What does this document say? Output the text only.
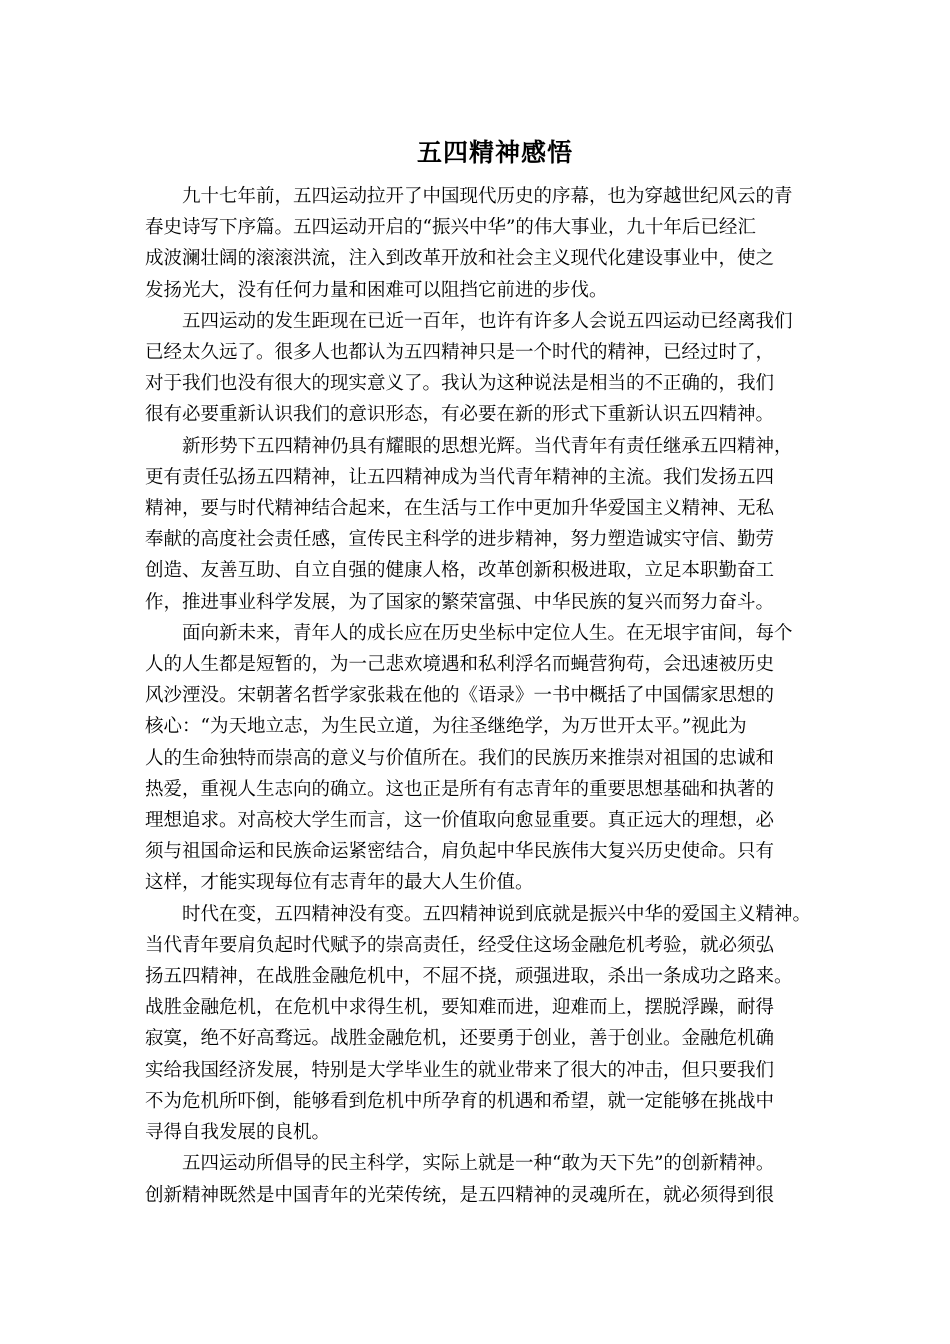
五四精神感悟

　　九十七年前，五四运动拉开了中国现代历史的序幕，也为穿越世纪风云的青
春史诗写下序篇。五四运动开启的“振兴中华”的伟大事业，九十年后已经汇
成波澜壮阔的滚滚洪流，注入到改革开放和社会主义现代化建设事业中，使之
发扬光大，没有任何力量和困难可以阻挡它前进的步伐。

　　五四运动的发生距现在已近一百年，也许有许多人会说五四运动已经离我们
已经太久远了。很多人也都认为五四精神只是一个时代的精神，已经过时了，
对于我们也没有很大的现实意义了。我认为这种说法是相当的不正确的，我们
很有必要重新认识我们的意识形态，有必要在新的形式下重新认识五四精神。

　　新形势下五四精神仍具有耀眼的思想光辉。当代青年有责任继承五四精神，
更有责任弘扬五四精神，让五四精神成为当代青年精神的主流。我们发扬五四
精神，要与时代精神结合起来，在生活与工作中更加升华爱国主义精神、无私
奉献的高度社会责任感，宣传民主科学的进步精神，努力塑造诚实守信、勤劳
创造、友善互助、自立自强的健康人格，改革创新积极进取，立足本职勤奋工
作，推进事业科学发展，为了国家的繁荣富强、中华民族的复兴而努力奋斗。

　　面向新未来，青年人的成长应在历史坐标中定位人生。在无垠宇宙间，每个
人的人生都是短暂的，为一己悲欢境遇和私利浮名而蝇营狗苟，会迅速被历史
风沙湮没。宋朝著名哲学家张栽在他的《语录》一书中概括了中国儒家思想的
核心：“为天地立志，为生民立道，为往圣继绝学，为万世开太平。”视此为
人的生命独特而崇高的意义与价值所在。我们的民族历来推崇对祖国的忠诚和
热爱，重视人生志向的确立。这也正是所有有志青年的重要思想基础和执著的
理想追求。对高校大学生而言，这一价值取向愈显重要。真正远大的理想，必
须与祖国命运和民族命运紧密结合，肩负起中华民族伟大复兴历史使命。只有
这样，才能实现每位有志青年的最大人生价值。

　　时代在变，五四精神没有变。五四精神说到底就是振兴中华的爱国主义精神。
当代青年要肩负起时代赋予的崇高责任，经受住这场金融危机考验，就必须弘
扬五四精神，在战胜金融危机中，不屈不挠，顽强进取，杀出一条成功之路来。
战胜金融危机，在危机中求得生机，要知难而进，迎难而上，摆脱浮躁，耐得
寂寞，绝不好高骛远。战胜金融危机，还要勇于创业，善于创业。金融危机确
实给我国经济发展，特别是大学毕业生的就业带来了很大的冲击，但只要我们
不为危机所吓倒，能够看到危机中所孕育的机遇和希望，就一定能够在挑战中
寻得自我发展的良机。

　　五四运动所倡导的民主科学，实际上就是一种“敢为天下先”的创新精神。
创新精神既然是中国青年的光荣传统，是五四精神的灵魂所在，就必须得到很
